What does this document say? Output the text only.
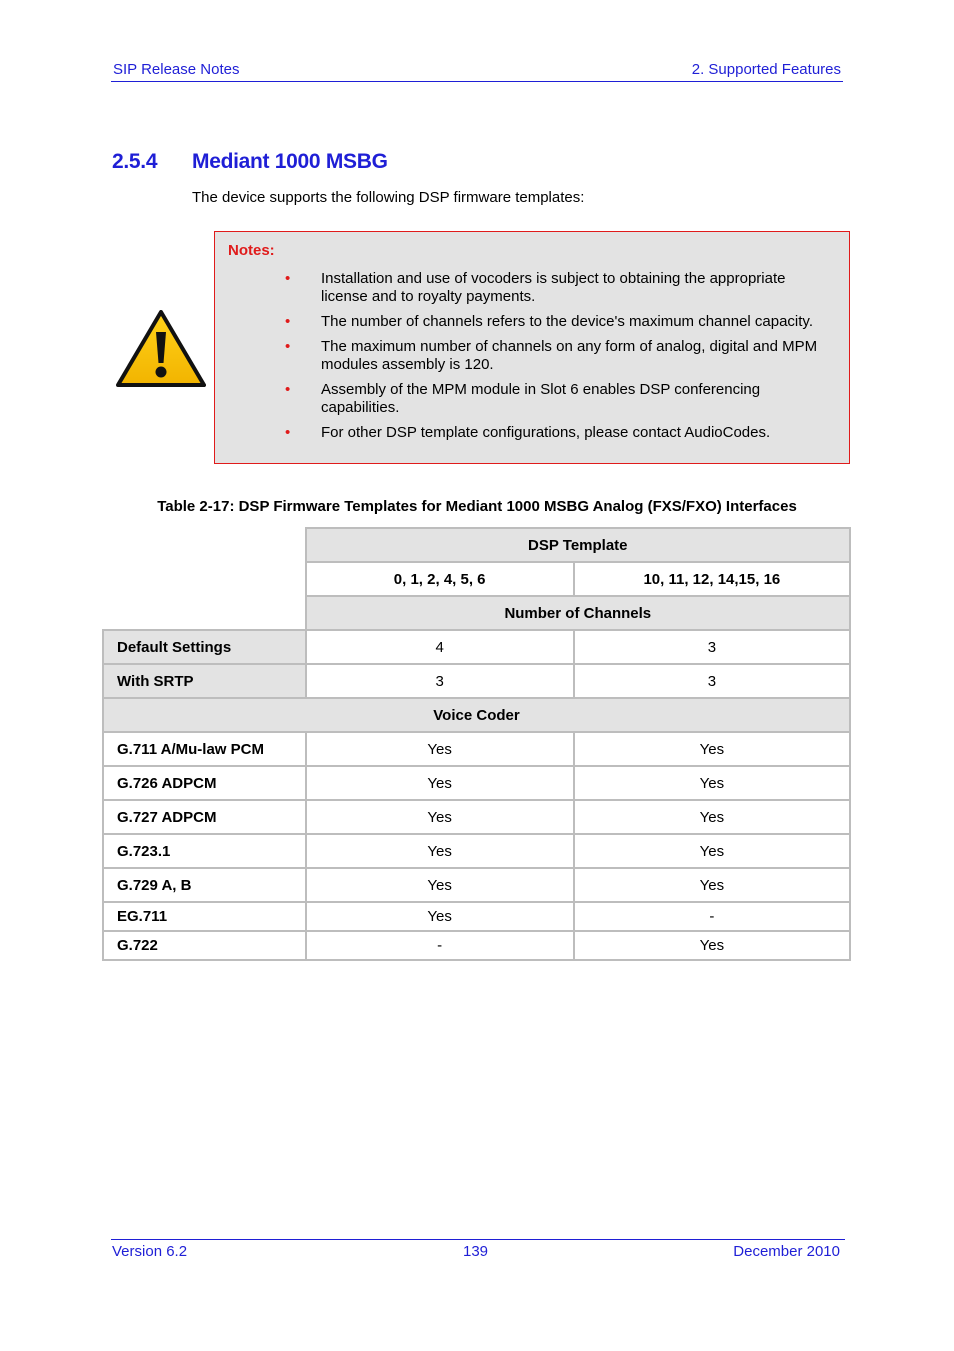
SIP Release Notes	2. Supported Features
2.5.4 Mediant 1000 MSBG
The device supports the following DSP firmware templates:
Notes:
• Installation and use of vocoders is subject to obtaining the appropriate license and to royalty payments.
• The number of channels refers to the device's maximum channel capacity.
• The maximum number of channels on any form of analog, digital and MPM modules assembly is 120.
• Assembly of the MPM module in Slot 6 enables DSP conferencing capabilities.
• For other DSP template configurations, please contact AudioCodes.
Table 2-17: DSP Firmware Templates for Mediant 1000 MSBG Analog (FXS/FXO) Interfaces
	DSP Template	
	0, 1, 2, 4, 5, 6	10, 11, 12, 14,15, 16
	Number of Channels	
Default Settings	4	3
With SRTP	3	3
Voice Coder		
G.711 A/Mu-law PCM	Yes	Yes
G.726 ADPCM	Yes	Yes
G.727 ADPCM	Yes	Yes
G.723.1	Yes	Yes
G.729 A, B	Yes	Yes
EG.711	Yes	-
G.722	-	Yes
Version 6.2	139	December 2010
